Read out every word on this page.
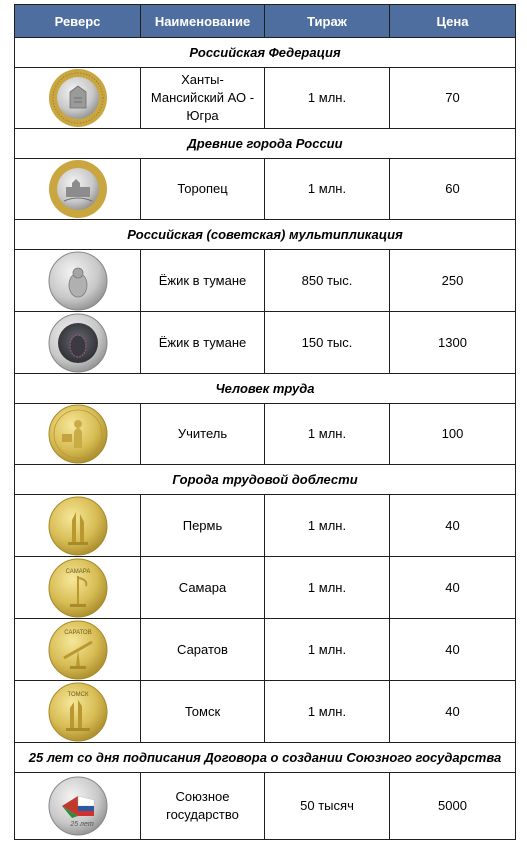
Реверс	Наименование	Тираж	Цена
Российская Федерация			

	Ханты-Мансийский АО - Югра	1 млн.	70
Древние города России			

	Торопец	1 млн.	60
Российская (советская) мультипликация			

	Ёжик в тумане	850 тыс.	250

	Ёжик в тумане	150 тыс.	1300
Человек труда			

	Учитель	1 млн.	100
Города трудовой доблести			

	Пермь	1 млн.	40

САМАРА	Самара	1 млн.	40

САРАТОВ	Саратов	1 млн.	40

ТОМСК	Томск	1 млн.	40
25 лет со дня подписания Договора о создании Союзного государства			

25 лет	Союзное государство	50 тысяч	5000
